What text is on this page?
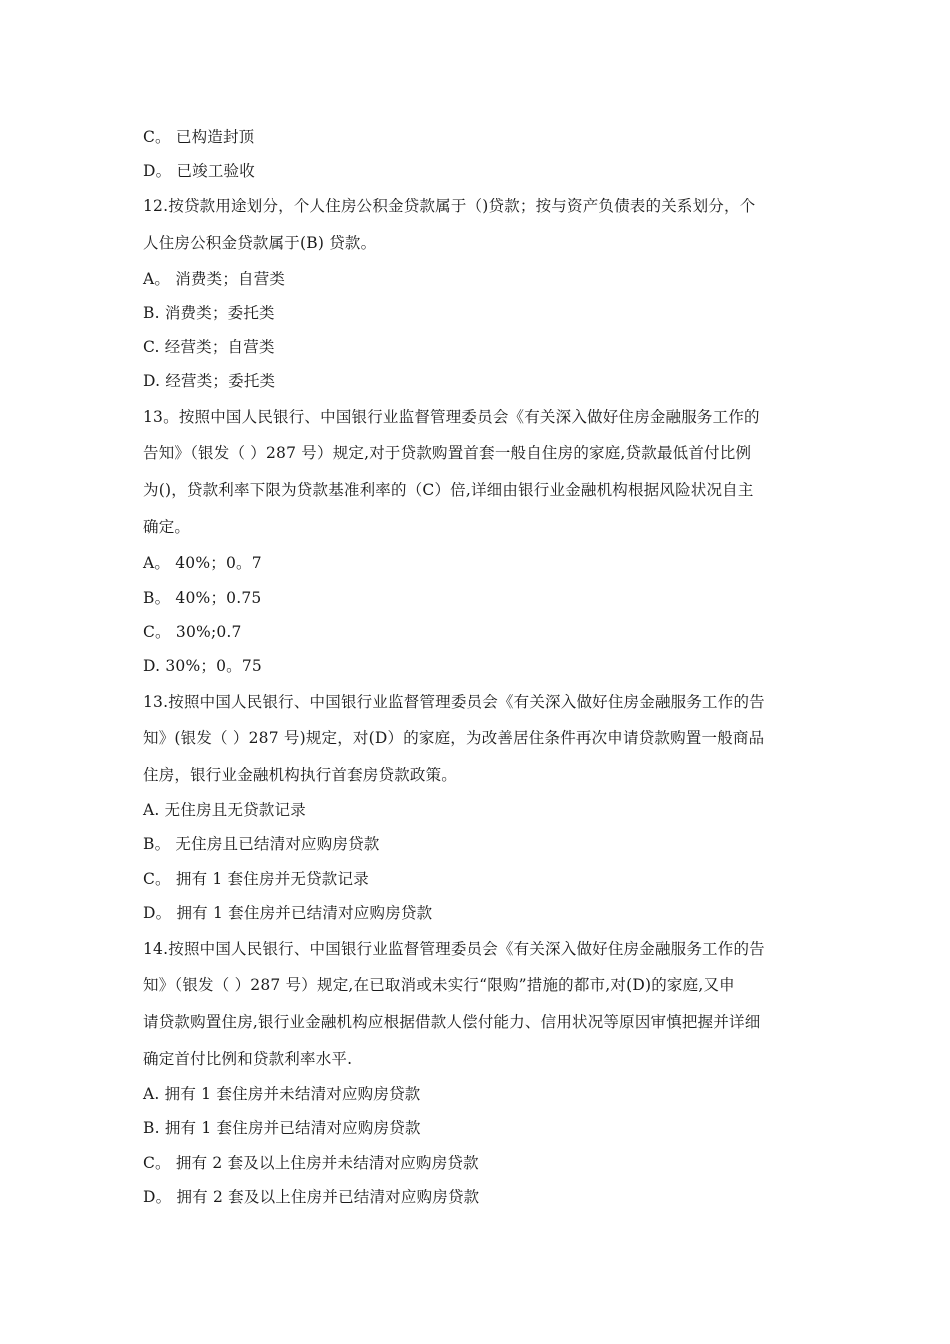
C。 已构造封顶
D。 已竣工验收
12.按贷款用途划分，个人住房公积金贷款属于（)贷款；按与资产负债表的关系划分，个
人住房公积金贷款属于(B) 贷款。
A。 消费类；自营类
B. 消费类；委托类
C. 经营类；自营类
D. 经营类；委托类
13。按照中国人民银行、中国银行业监督管理委员会《有关深入做好住房金融服务工作的
告知》（银发（ ）287 号）规定,对于贷款购置首套一般自住房的家庭,贷款最低首付比例
为()，贷款利率下限为贷款基准利率的（C）倍,详细由银行业金融机构根据风险状况自主
确定。
A。 40%；0。7
B。 40%；0.75
C。 30%;0.7
D. 30%；0。75
13.按照中国人民银行、中国银行业监督管理委员会《有关深入做好住房金融服务工作的告
知》(银发（ ）287 号)规定，对(D）的家庭，为改善居住条件再次申请贷款购置一般商品
住房，银行业金融机构执行首套房贷款政策。
A. 无住房且无贷款记录
B。 无住房且已结清对应购房贷款
C。 拥有 1 套住房并无贷款记录
D。 拥有 1 套住房并已结清对应购房贷款
14.按照中国人民银行、中国银行业监督管理委员会《有关深入做好住房金融服务工作的告
知》（银发（ ）287 号）规定,在已取消或未实行“限购”措施的都市,对(D)的家庭,又申
请贷款购置住房,银行业金融机构应根据借款人偿付能力、信用状况等原因审慎把握并详细
确定首付比例和贷款利率水平.
A. 拥有 1 套住房并未结清对应购房贷款
B. 拥有 1 套住房并已结清对应购房贷款
C。 拥有 2 套及以上住房并未结清对应购房贷款
D。 拥有 2 套及以上住房并已结清对应购房贷款
